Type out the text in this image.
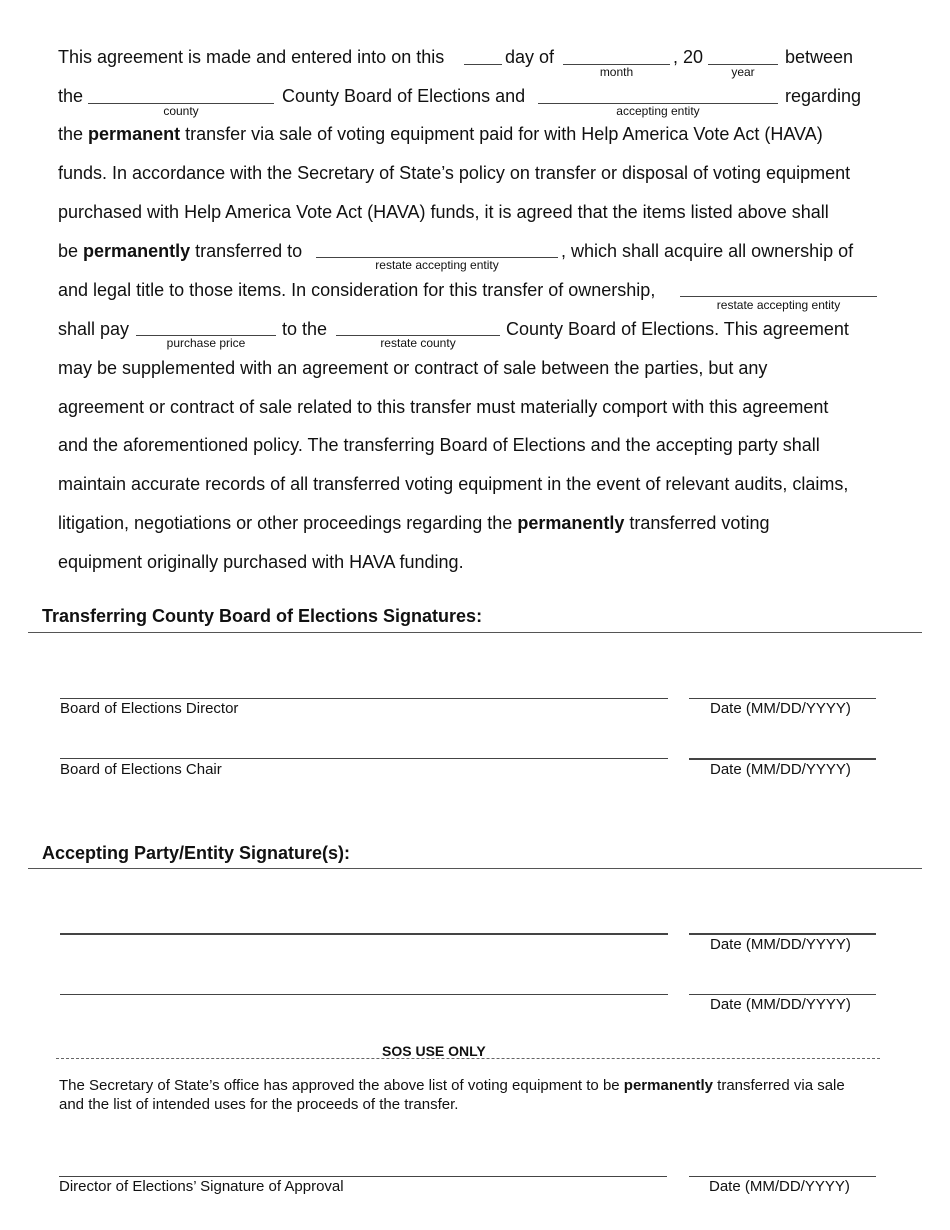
This agreement is made and entered into on this	day of
month
, 20
year
between
the
county
County Board of Elections and
accepting entity
regarding
the permanent transfer via sale of voting equipment paid for with Help America Vote Act (HAVA)
funds. In accordance with the Secretary of State’s policy on transfer or disposal of voting equipment
purchased with Help America Vote Act (HAVA) funds, it is agreed that the items listed above shall
be permanently transferred to
restate accepting entity
, which shall acquire all ownership of
and legal title to those items. In consideration for this transfer of ownership,
restate accepting entity
shall pay
purchase price
to the
restate county
County Board of Elections. This agreement
may be supplemented with an agreement or contract of sale between the parties, but any
agreement or contract of sale related to this transfer must materially comport with this agreement
and the aforementioned policy. The transferring Board of Elections and the accepting party shall
maintain accurate records of all transferred voting equipment in the event of relevant audits, claims,
litigation, negotiations or other proceedings regarding the permanently transferred voting
equipment originally purchased with HAVA funding.
Transferring County Board of Elections Signatures:
Board of Elections Director	Date (MM/DD/YYYY)
Board of Elections Chair	Date (MM/DD/YYYY)
Accepting Party/Entity Signature(s):
Date (MM/DD/YYYY)
Date (MM/DD/YYYY)
SOS USE ONLY
The Secretary of State’s office has approved the above list of voting equipment to be permanently transferred via sale
and the list of intended uses for the proceeds of the transfer.
Director of Elections’ Signature of Approval	Date (MM/DD/YYYY)
